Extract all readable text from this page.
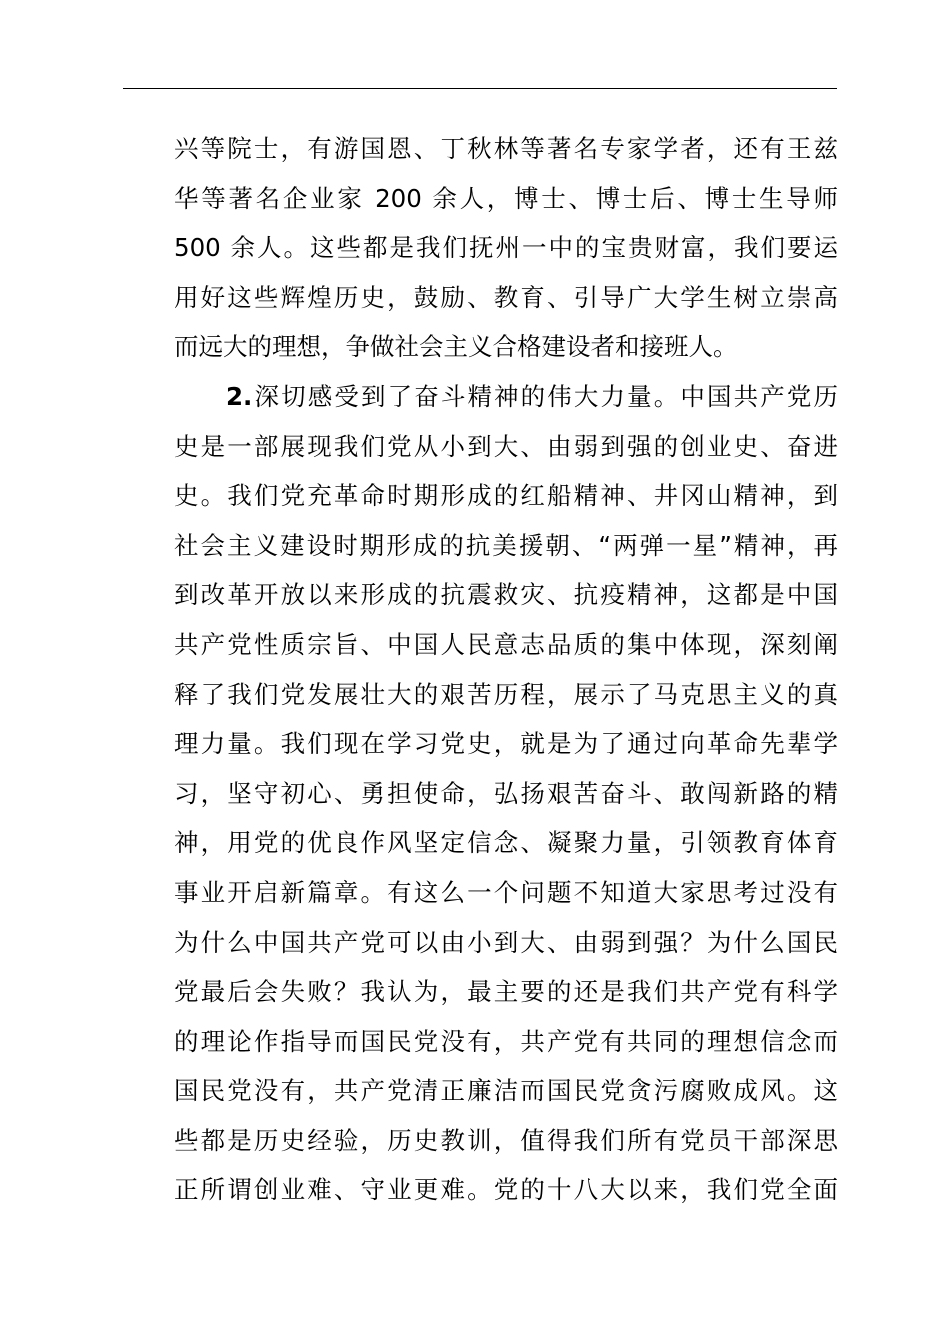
兴等院士，有游国恩、丁秋林等著名专家学者，还有王兹
华等著名企业家 200 余人，博士、博士后、博士生导师
500 余人。这些都是我们抚州一中的宝贵财富，我们要运
用好这些辉煌历史，鼓励、教育、引导广大学生树立崇高
而远大的理想，争做社会主义合格建设者和接班人。
2.深切感受到了奋斗精神的伟大力量。中国共产党历
史是一部展现我们党从小到大、由弱到强的创业史、奋进
史。我们党充革命时期形成的红船精神、井冈山精神，到
社会主义建设时期形成的抗美援朝、“两弹一星”精神，再
到改革开放以来形成的抗震救灾、抗疫精神，这都是中国
共产党性质宗旨、中国人民意志品质的集中体现，深刻阐
释了我们党发展壮大的艰苦历程，展示了马克思主义的真
理力量。我们现在学习党史，就是为了通过向革命先辈学
习，坚守初心、勇担使命，弘扬艰苦奋斗、敢闯新路的精
神，用党的优良作风坚定信念、凝聚力量，引领教育体育
事业开启新篇章。有这么一个问题不知道大家思考过没有
为什么中国共产党可以由小到大、由弱到强？为什么国民
党最后会失败？我认为，最主要的还是我们共产党有科学
的理论作指导而国民党没有，共产党有共同的理想信念而
国民党没有，共产党清正廉洁而国民党贪污腐败成风。这
些都是历史经验，历史教训，值得我们所有党员干部深思
正所谓创业难、守业更难。党的十八大以来，我们党全面
